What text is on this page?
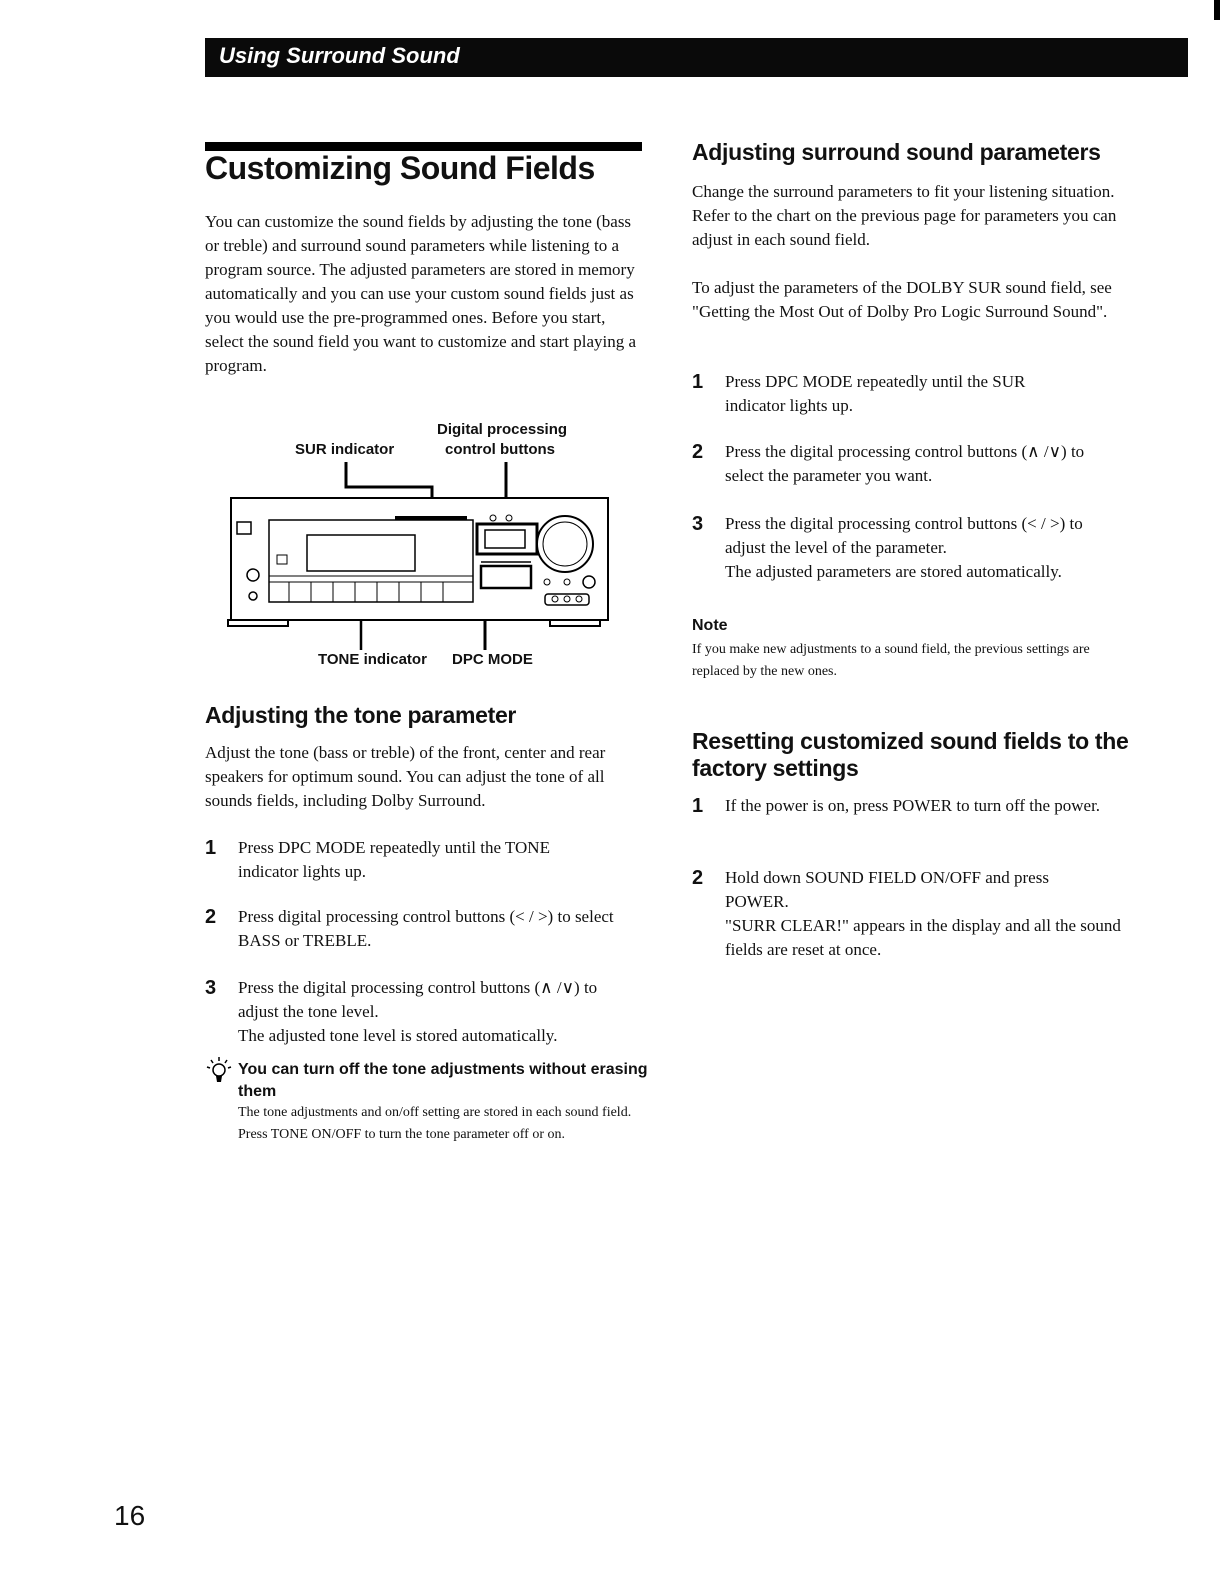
Using Surround Sound
Customizing Sound Fields

You can customize the sound fields by adjusting the tone (bass or treble) and surround sound parameters while listening to a program source. The adjusted parameters are stored in memory automatically and you can use your custom sound fields just as you would use the pre-programmed ones. Before you start, select the sound field you want to customize and start playing a program.

Digital processing
SUR indicator	control buttons
TONE indicator DPC MODE
Adjusting the tone parameter

Adjust the tone (bass or treble) of the front, center and rear speakers for optimum sound. You can adjust the tone of all sounds fields, including Dolby Surround.

1 Press DPC MODE repeatedly until the TONE indicator lights up.
2 Press digital processing control buttons (< / >) to select BASS or TREBLE.
3 Press the digital processing control buttons (∧ /∨) to adjust the tone level.
The adjusted tone level is stored automatically.
You can turn off the tone adjustments without erasing them
The tone adjustments and on/off setting are stored in each sound field. Press TONE ON/OFF to turn the tone parameter off or on.
Adjusting surround sound parameters

Change the surround parameters to fit your listening situation. Refer to the chart on the previous page for parameters you can adjust in each sound field.

To adjust the parameters of the DOLBY SUR sound field, see "Getting the Most Out of Dolby Pro Logic Surround Sound".

1 Press DPC MODE repeatedly until the SUR indicator lights up.
2 Press the digital processing control buttons (∧ /∨) to select the parameter you want.
3 Press the digital processing control buttons (< / >) to adjust the level of the parameter.
The adjusted parameters are stored automatically.
Note
If you make new adjustments to a sound field, the previous settings are replaced by the new ones.
Resetting customized sound fields to the
factory settings
1 If the power is on, press POWER to turn off the power.
2 Hold down SOUND FIELD ON/OFF and press POWER.
"SURR CLEAR!" appears in the display and all the sound fields are reset at once.
16
